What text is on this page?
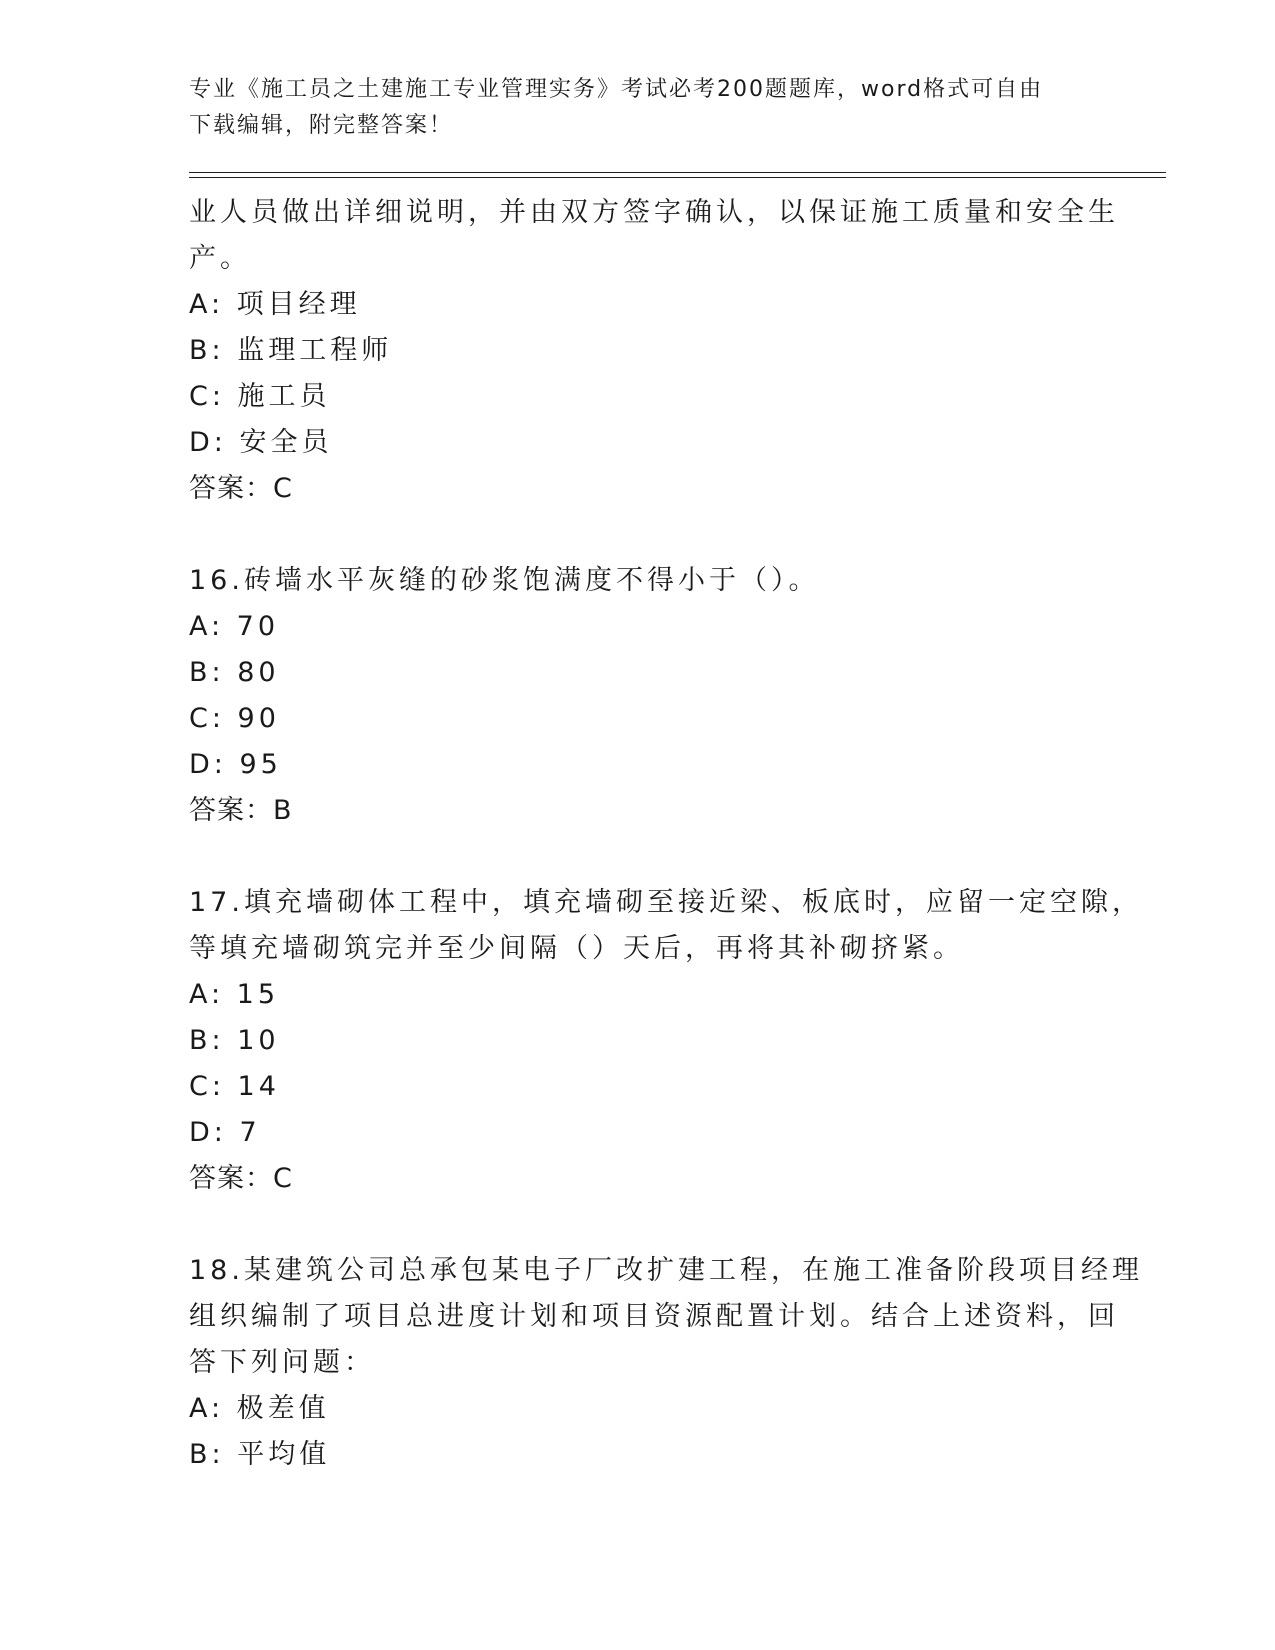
专业《施工员之土建施工专业管理实务》考试必考200题题库，word格式可自由
下载编辑，附完整答案！
业人员做出详细说明，并由双方签字确认，以保证施工质量和安全生
产。
A: 项目经理
B: 监理工程师
C: 施工员
D: 安全员
答案：C
16.砖墙水平灰缝的砂浆饱满度不得小于（）。
A: 70
B: 80
C: 90
D: 95
答案：B
17.填充墙砌体工程中，填充墙砌至接近梁、板底时，应留一定空隙，
等填充墙砌筑完并至少间隔（）天后，再将其补砌挤紧。
A: 15
B: 10
C: 14
D: 7
答案：C
18.某建筑公司总承包某电子厂改扩建工程，在施工准备阶段项目经理
组织编制了项目总进度计划和项目资源配置计划。结合上述资料，回
答下列问题：
A: 极差值
B: 平均值
